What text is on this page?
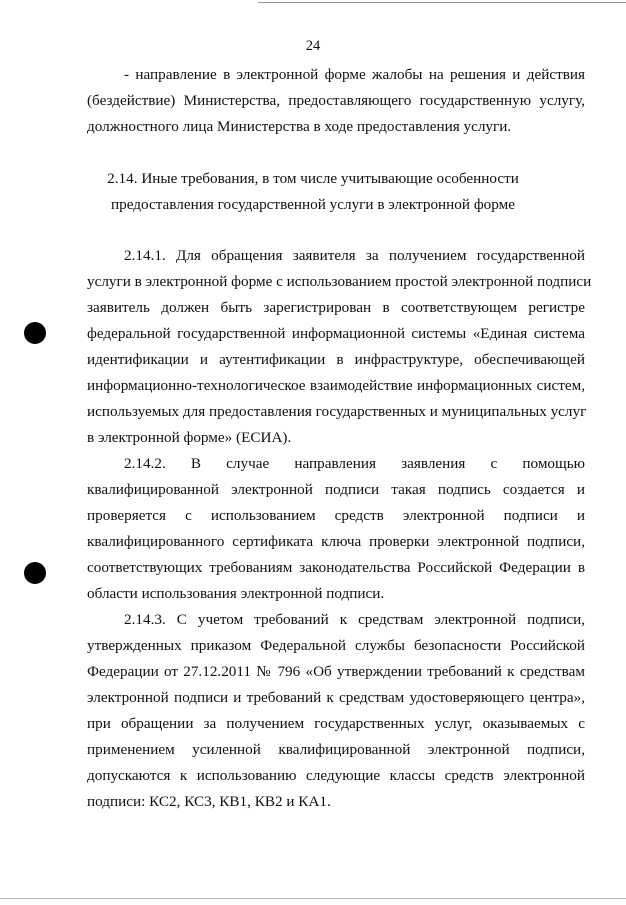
24
- направление в электронной форме жалобы на решения и действия
(бездействие) Министерства, предоставляющего государственную услугу,
должностного лица Министерства в ходе предоставления услуги.
2.14. Иные требования, в том числе учитывающие особенности
предоставления государственной услуги в электронной форме
2.14.1. Для обращения заявителя за получением государственной
услуги в электронной форме с использованием простой электронной подписи
заявитель должен быть зарегистрирован в соответствующем регистре
федеральной государственной информационной системы «Единая система
идентификации и аутентификации в инфраструктуре, обеспечивающей
информационно-технологическое взаимодействие информационных систем,
используемых для предоставления государственных и муниципальных услуг
в электронной форме» (ЕСИА).
2.14.2. В случае направления заявления с помощью
квалифицированной электронной подписи такая подпись создается и
проверяется с использованием средств электронной подписи и
квалифицированного сертификата ключа проверки электронной подписи,
соответствующих требованиям законодательства Российской Федерации в
области использования электронной подписи.
2.14.3. С учетом требований к средствам электронной подписи,
утвержденных приказом Федеральной службы безопасности Российской
Федерации от 27.12.2011 № 796 «Об утверждении требований к средствам
электронной подписи и требований к средствам удостоверяющего центра»,
при обращении за получением государственных услуг, оказываемых с
применением усиленной квалифицированной электронной подписи,
допускаются к использованию следующие классы средств электронной
подписи: КС2, КС3, КВ1, КВ2 и КА1.
